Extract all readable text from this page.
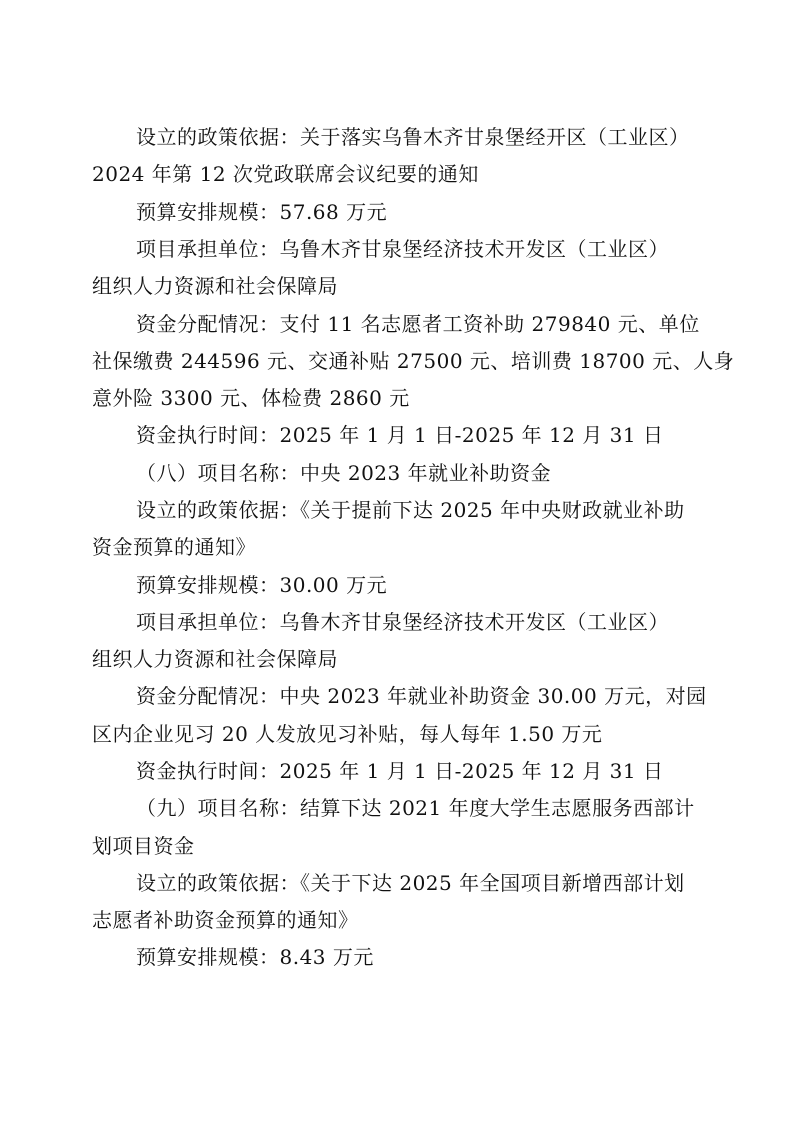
设立的政策依据：关于落实乌鲁木齐甘泉堡经开区（工业区）
2024 年第 12 次党政联席会议纪要的通知
预算安排规模：57.68 万元
项目承担单位：乌鲁木齐甘泉堡经济技术开发区（工业区）
组织人力资源和社会保障局
资金分配情况：支付 11 名志愿者工资补助 279840 元、单位
社保缴费 244596 元、交通补贴 27500 元、培训费 18700 元、人身
意外险 3300 元、体检费 2860 元
资金执行时间：2025 年 1 月 1 日-2025 年 12 月 31 日
（八）项目名称：中央 2023 年就业补助资金
设立的政策依据：《关于提前下达 2025 年中央财政就业补助
资金预算的通知》
预算安排规模：30.00 万元
项目承担单位：乌鲁木齐甘泉堡经济技术开发区（工业区）
组织人力资源和社会保障局
资金分配情况：中央 2023 年就业补助资金 30.00 万元，对园
区内企业见习 20 人发放见习补贴，每人每年 1.50 万元
资金执行时间：2025 年 1 月 1 日-2025 年 12 月 31 日
（九）项目名称：结算下达 2021 年度大学生志愿服务西部计
划项目资金
设立的政策依据：《关于下达 2025 年全国项目新增西部计划
志愿者补助资金预算的通知》
预算安排规模：8.43 万元
